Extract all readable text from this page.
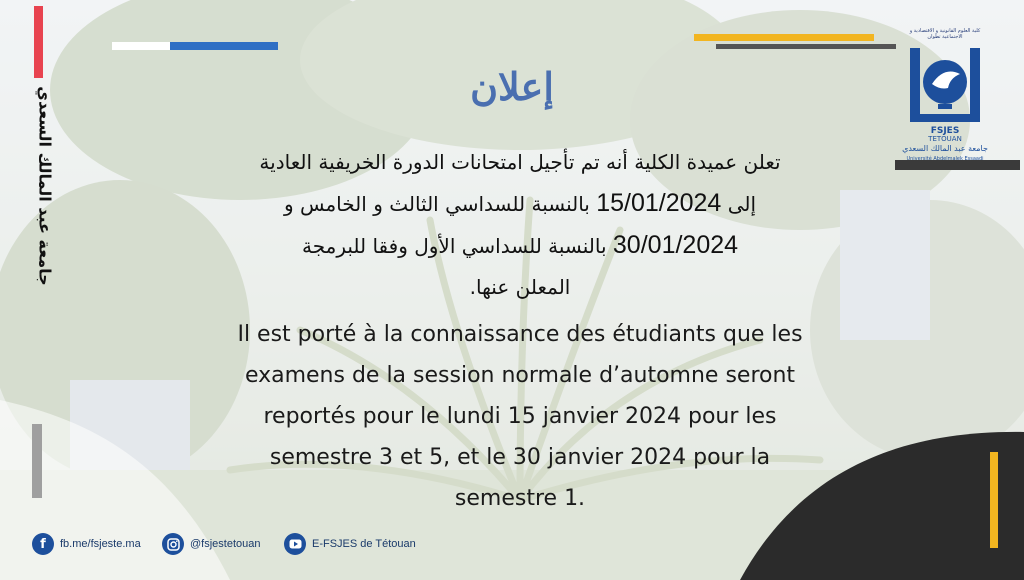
جامعة عبد المالك السعدي
كلية العلوم القانونية و الاقتصادية و الاجتماعية تطوان
FSJES
TETOUAN
جامعة عبد المالك السعدي
Université Abdelmalek Essaadi
إعلان
تعلن عميدة الكلية أنه تم تأجيل امتحانات الدورة الخريفية العادية
إلى 15/01/2024 بالنسبة للسداسي الثالث و الخامس و
30/01/2024 بالنسبة للسداسي الأول وفقا للبرمجة
المعلن عنها.
Il est porté à la connaissance des étudiants que les
examens de la session normale d’automne seront
reportés pour le lundi 15 janvier 2024 pour les
semestre 3 et 5, et le 30 janvier 2024 pour la
semestre 1.
f	fb.me/fsjeste.ma	@fsjestetouan	E-FSJES de Tétouan
